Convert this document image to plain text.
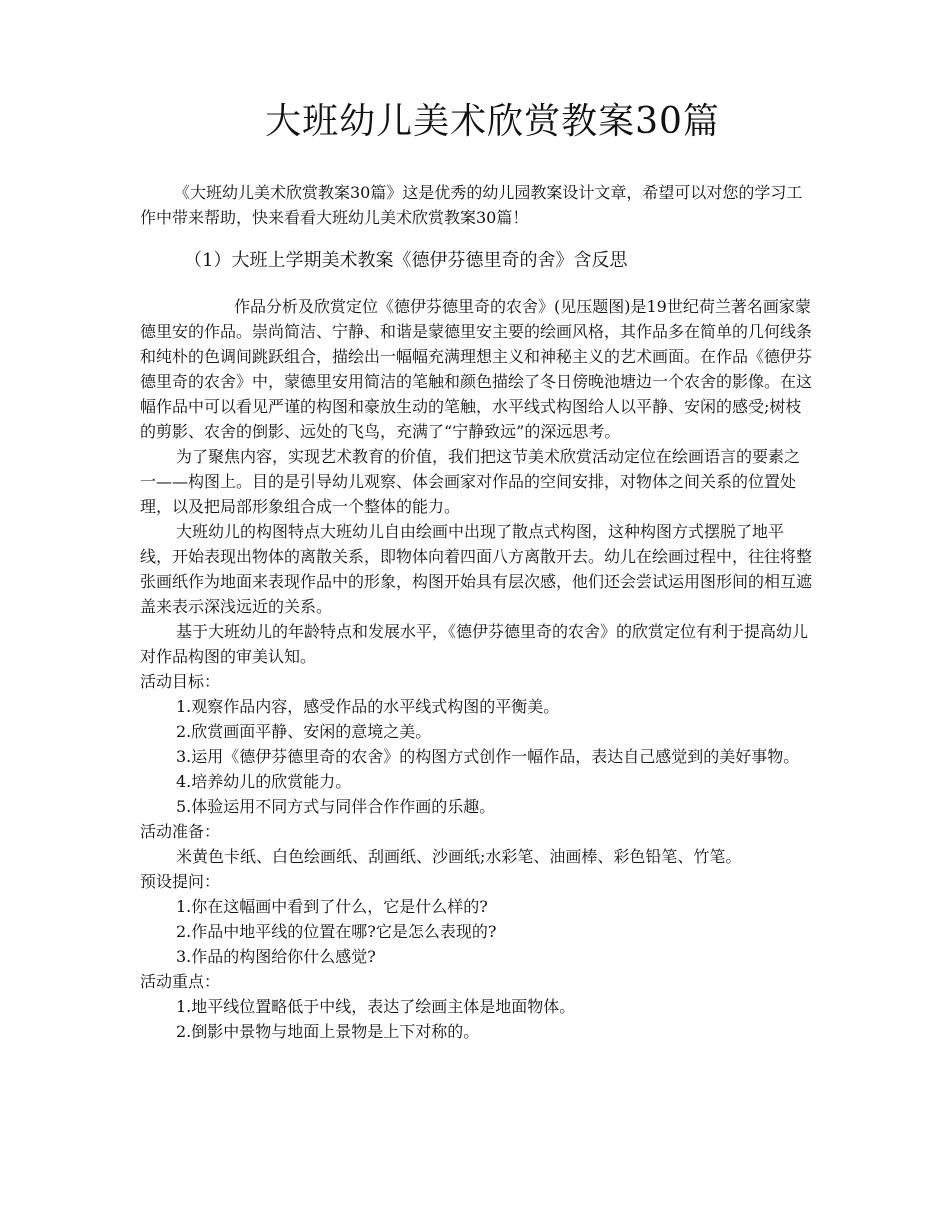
大班幼儿美术欣赏教案30篇

《大班幼儿美术欣赏教案30篇》这是优秀的幼儿园教案设计文章，希望可以对您的学习工作中带来帮助，快来看看大班幼儿美术欣赏教案30篇！

（1）大班上学期美术教案《德伊芬德里奇的舍》含反思

作品分析及欣赏定位《德伊芬德里奇的农舍》(见压题图)是19世纪荷兰著名画家蒙德里安的作品。崇尚简洁、宁静、和谐是蒙德里安主要的绘画风格，其作品多在简单的几何线条和纯朴的色调间跳跃组合，描绘出一幅幅充满理想主义和神秘主义的艺术画面。在作品《德伊芬德里奇的农舍》中，蒙德里安用简洁的笔触和颜色描绘了冬日傍晚池塘边一个农舍的影像。在这幅作品中可以看见严谨的构图和豪放生动的笔触，水平线式构图给人以平静、安闲的感受;树枝的剪影、农舍的倒影、远处的飞鸟，充满了“宁静致远”的深远思考。

为了聚焦内容，实现艺术教育的价值，我们把这节美术欣赏活动定位在绘画语言的要素之一——构图上。目的是引导幼儿观察、体会画家对作品的空间安排，对物体之间关系的位置处理，以及把局部形象组合成一个整体的能力。

大班幼儿的构图特点大班幼儿自由绘画中出现了散点式构图，这种构图方式摆脱了地平线，开始表现出物体的离散关系，即物体向着四面八方离散开去。幼儿在绘画过程中，往往将整张画纸作为地面来表现作品中的形象，构图开始具有层次感，他们还会尝试运用图形间的相互遮盖来表示深浅远近的关系。

基于大班幼儿的年龄特点和发展水平，《德伊芬德里奇的农舍》的欣赏定位有利于提高幼儿对作品构图的审美认知。

活动目标：

1.观察作品内容，感受作品的水平线式构图的平衡美。

2.欣赏画面平静、安闲的意境之美。

3.运用《德伊芬德里奇的农舍》的构图方式创作一幅作品，表达自己感觉到的美好事物。

4.培养幼儿的欣赏能力。

5.体验运用不同方式与同伴合作作画的乐趣。

活动准备：

米黄色卡纸、白色绘画纸、刮画纸、沙画纸;水彩笔、油画棒、彩色铅笔、竹笔。

预设提问：

1.你在这幅画中看到了什么，它是什么样的?

2.作品中地平线的位置在哪?它是怎么表现的?

3.作品的构图给你什么感觉?

活动重点：

1.地平线位置略低于中线，表达了绘画主体是地面物体。

2.倒影中景物与地面上景物是上下对称的。
